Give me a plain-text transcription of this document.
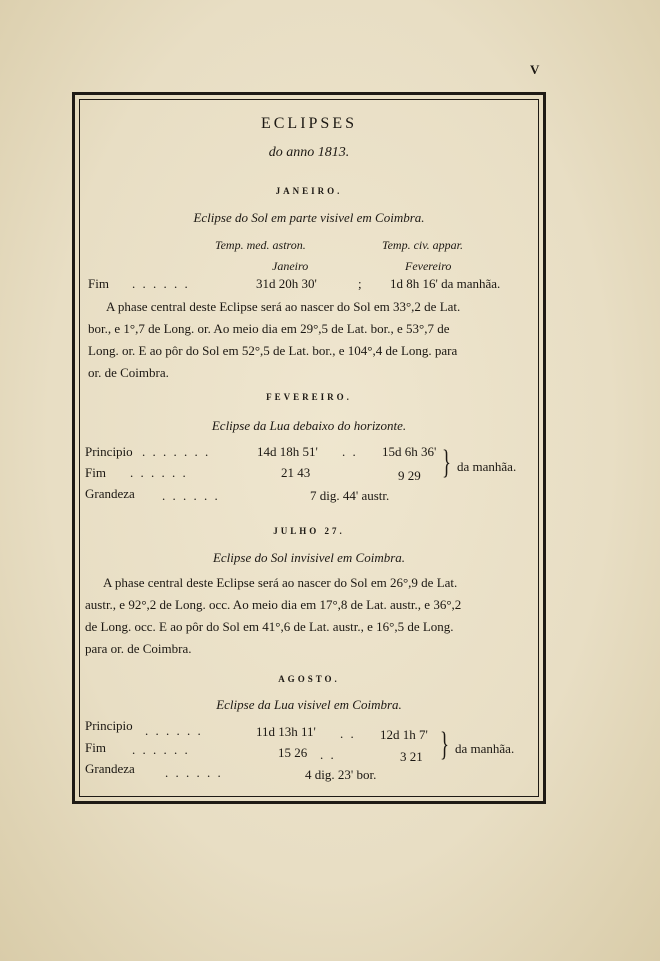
V
ECLIPSES
do anno 1813.
JANEIRO.
Eclipse do Sol em parte visivel em Coimbra.
Temp. med. astron.	Temp. civ. appar.
Janeiro	Fevereiro
Fim . . . . . .	31d 20h 30'	; 1d 8h 16' da manhãa.
A phase central deste Eclipse será ao nascer do Sol em 33°,2 de Lat.
bor., e 1°,7 de Long. or. Ao meio dia em 29°,5 de Lat. bor., e 53°,7 de
Long. or. E ao pôr do Sol em 52°,5 de Lat. bor., e 104°,4 de Long. para
or. de Coimbra.
FEVEREIRO.
Eclipse da Lua debaixo do horizonte.
Principio . . . . . . .	14d 18h 51' . . 15d 6h 36'
Fim . . . . . .	21 43	9 29 } da manhãa.
Grandeza . . . . . .	7 dig. 44' austr.
JULHO 27.
Eclipse do Sol invisivel em Coimbra.
A phase central deste Eclipse será ao nascer do Sol em 26°,9 de Lat.
austr., e 92°,2 de Long. occ. Ao meio dia em 17°,8 de Lat. austr., e 36°,2
de Long. occ. E ao pôr do Sol em 41°,6 de Lat. austr., e 16°,5 de Long.
para or. de Coimbra.
AGOSTO.
Eclipse da Lua visivel em Coimbra.
Principio . . . . . .	11d 13h 11' . . 12d 1h 7'
Fim . . . . . .	15 26 . .	3 21 } da manhãa.
Grandeza . . . . . .	4 dig. 23' bor.
